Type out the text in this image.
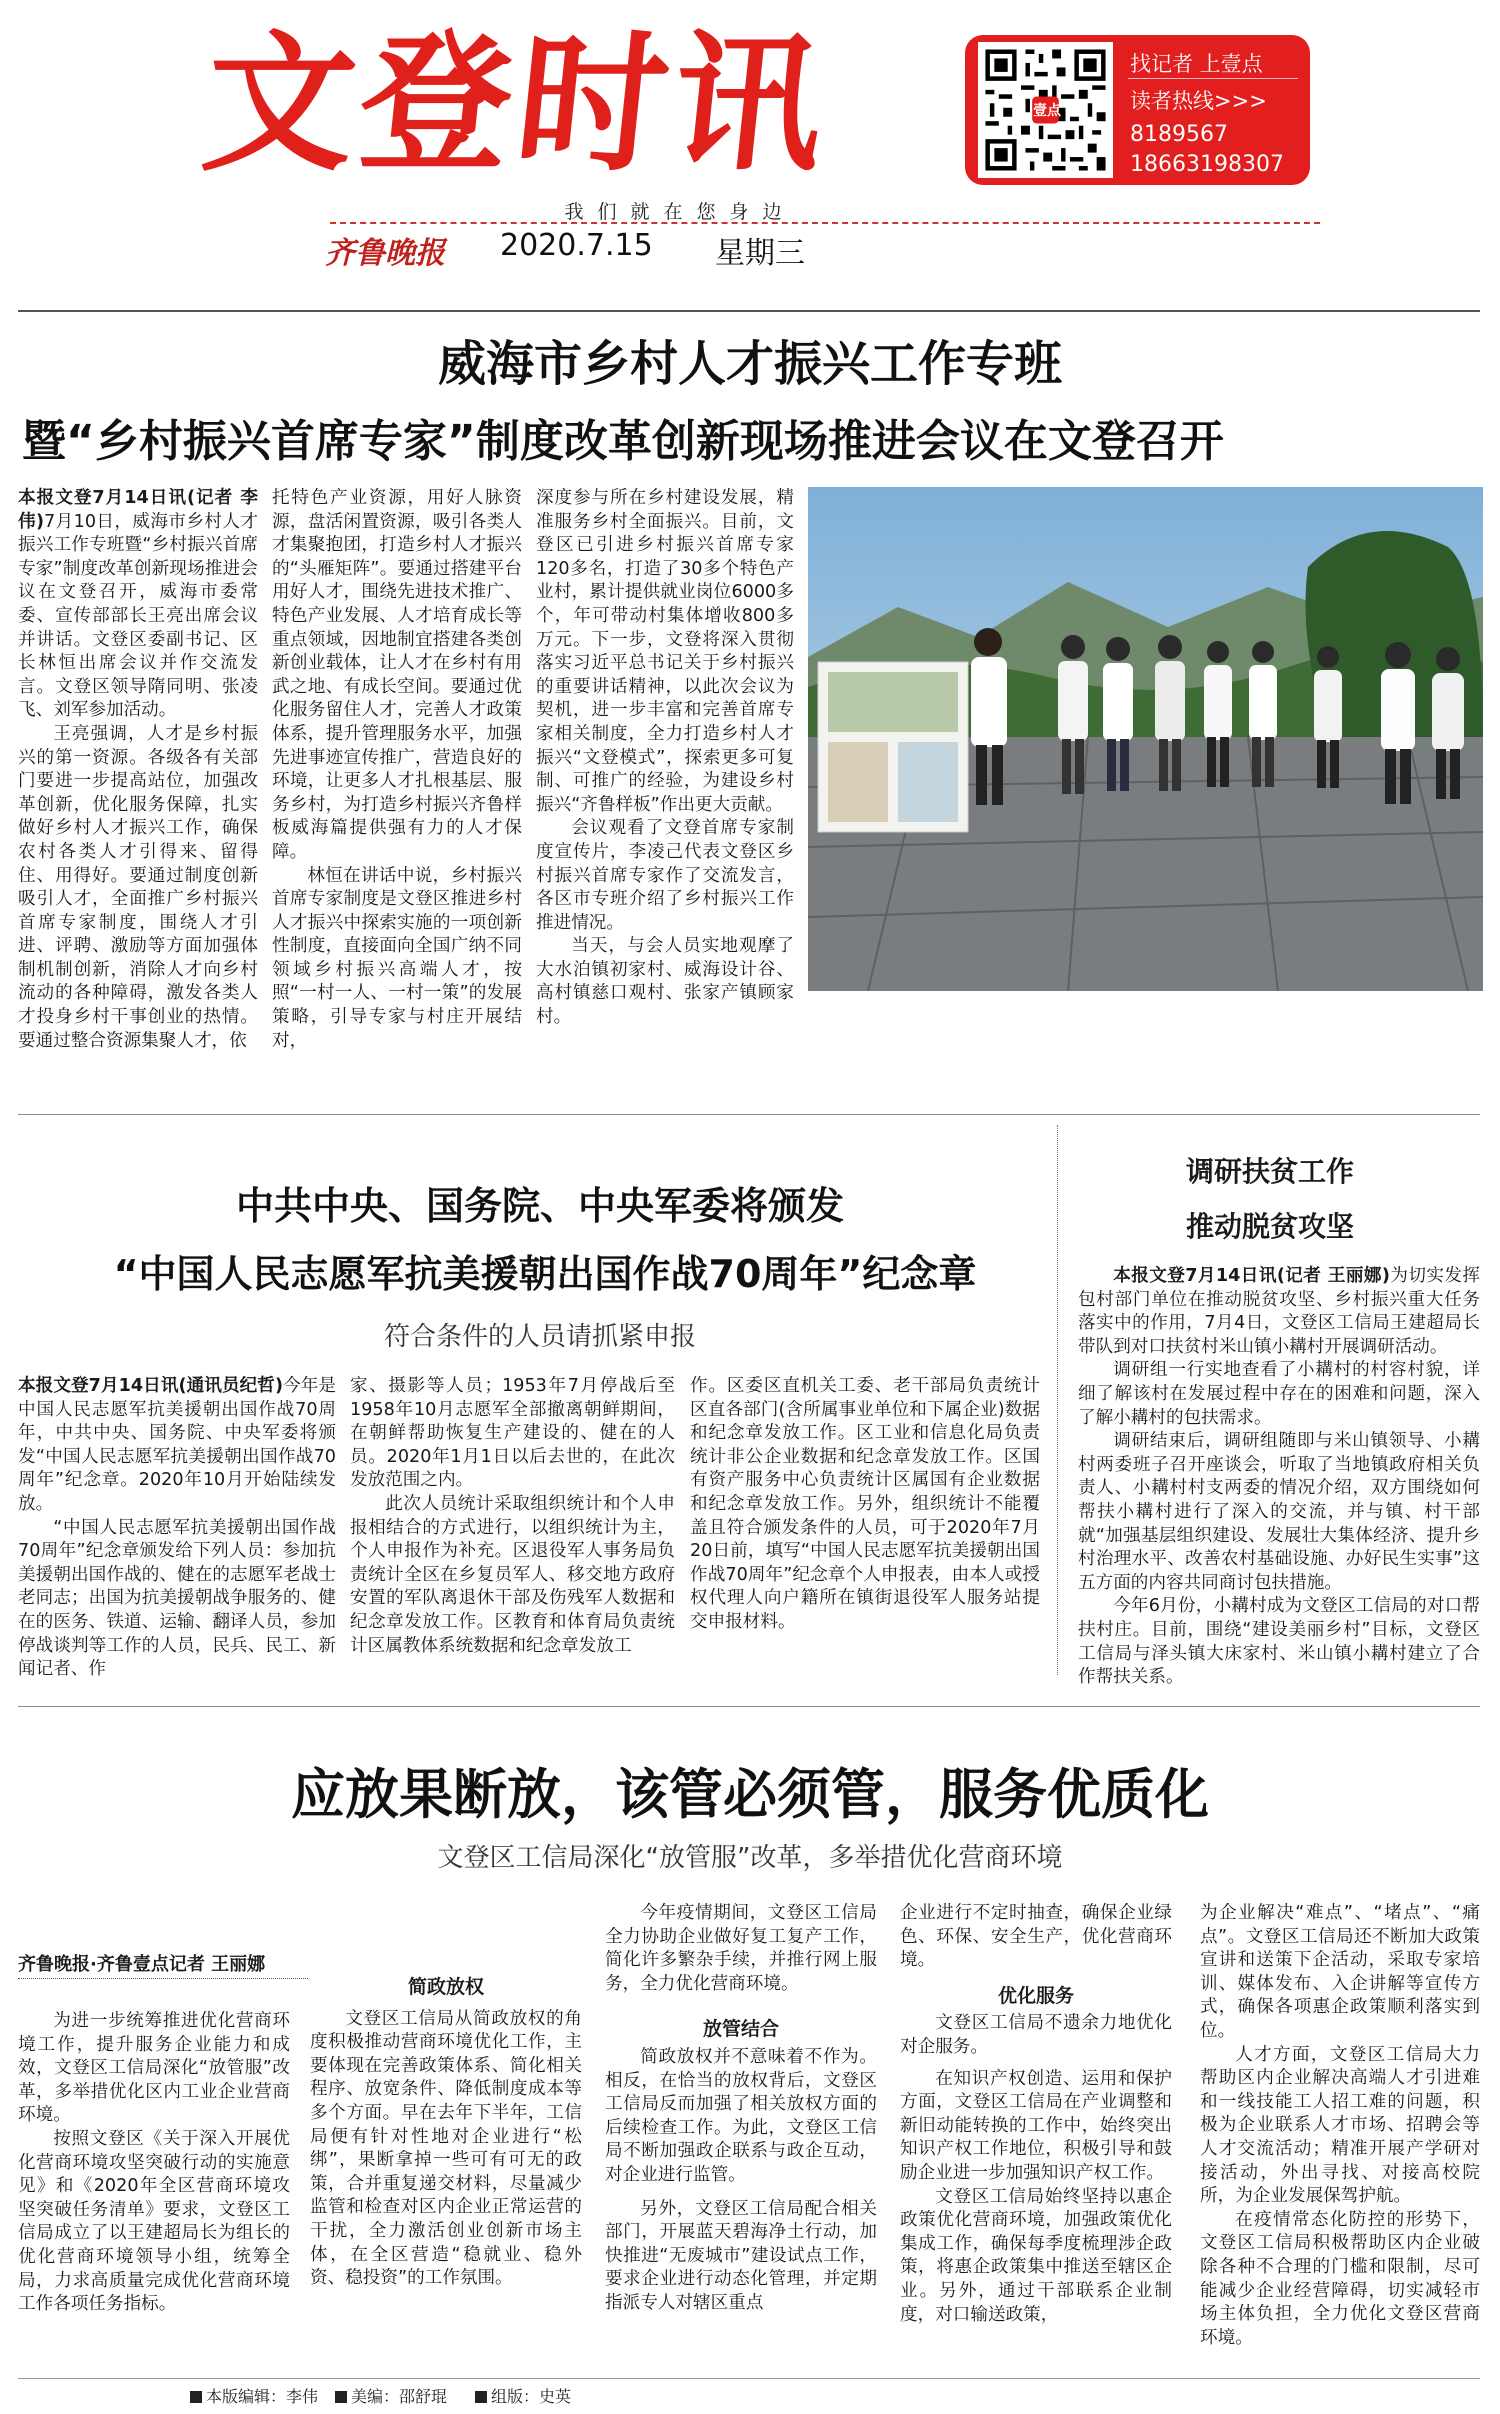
文登时讯	壹点
找记者 上壹点
读者热线>>>
8189567
18663198307
我们就在您身边
齐鲁晚报 2020.7.15 星期三
威海市乡村人才振兴工作专班
暨“乡村振兴首席专家”制度改革创新现场推进会议在文登召开

本报文登7月14日讯(记者 李伟)7月10日，威海市乡村人才振兴工作专班暨“乡村振兴首席专家”制度改革创新现场推进会议在文登召开，威海市委常委、宣传部部长王亮出席会议并讲话。文登区委副书记、区长林恒出席会议并作交流发言。文登区领导隋同明、张凌飞、刘军参加活动。

王亮强调，人才是乡村振兴的第一资源。各级各有关部门要进一步提高站位，加强改革创新，优化服务保障，扎实做好乡村人才振兴工作，确保农村各类人才引得来、留得住、用得好。要通过制度创新吸引人才，全面推广乡村振兴首席专家制度，围绕人才引进、评聘、激励等方面加强体制机制创新，消除人才向乡村流动的各种障碍，激发各类人才投身乡村干事创业的热情。要通过整合资源集聚人才，依

托特色产业资源，用好人脉资源，盘活闲置资源，吸引各类人才集聚抱团，打造乡村人才振兴的“头雁矩阵”。要通过搭建平台用好人才，围绕先进技术推广、特色产业发展、人才培育成长等重点领域，因地制宜搭建各类创新创业载体，让人才在乡村有用武之地、有成长空间。要通过优化服务留住人才，完善人才政策体系，提升管理服务水平，加强先进事迹宣传推广，营造良好的环境，让更多人才扎根基层、服务乡村，为打造乡村振兴齐鲁样板威海篇提供强有力的人才保障。

林恒在讲话中说，乡村振兴首席专家制度是文登区推进乡村人才振兴中探索实施的一项创新性制度，直接面向全国广纳不同领域乡村振兴高端人才，按照“一村一人、一村一策”的发展策略，引导专家与村庄开展结对，

深度参与所在乡村建设发展，精准服务乡村全面振兴。目前，文登区已引进乡村振兴首席专家120多名，打造了30多个特色产业村，累计提供就业岗位6000多个，年可带动村集体增收800多万元。下一步，文登将深入贯彻落实习近平总书记关于乡村振兴的重要讲话精神，以此次会议为契机，进一步丰富和完善首席专家相关制度，全力打造乡村人才振兴“文登模式”，探索更多可复制、可推广的经验，为建设乡村振兴“齐鲁样板”作出更大贡献。

会议观看了文登首席专家制度宣传片，李凌己代表文登区乡村振兴首席专家作了交流发言，各区市专班介绍了乡村振兴工作推进情况。

当天，与会人员实地观摩了大水泊镇初家村、威海设计谷、高村镇慈口观村、张家产镇顾家村。

中共中央、国务院、中央军委将颁发
“中国人民志愿军抗美援朝出国作战70周年”纪念章
符合条件的人员请抓紧申报

本报文登7月14日讯(通讯员纪哲)今年是中国人民志愿军抗美援朝出国作战70周年，中共中央、国务院、中央军委将颁发“中国人民志愿军抗美援朝出国作战70周年”纪念章。2020年10月开始陆续发放。

“中国人民志愿军抗美援朝出国作战70周年”纪念章颁发给下列人员：参加抗美援朝出国作战的、健在的志愿军老战士老同志；出国为抗美援朝战争服务的、健在的医务、铁道、运输、翻译人员，参加停战谈判等工作的人员，民兵、民工、新闻记者、作

家、摄影等人员；1953年7月停战后至1958年10月志愿军全部撤离朝鲜期间，在朝鲜帮助恢复生产建设的、健在的人员。2020年1月1日以后去世的，在此次发放范围之内。

此次人员统计采取组织统计和个人申报相结合的方式进行，以组织统计为主，个人申报作为补充。区退役军人事务局负责统计全区在乡复员军人、移交地方政府安置的军队离退休干部及伤残军人数据和纪念章发放工作。区教育和体育局负责统计区属教体系统数据和纪念章发放工

作。区委区直机关工委、老干部局负责统计区直各部门(含所属事业单位和下属企业)数据和纪念章发放工作。区工业和信息化局负责统计非公企业数据和纪念章发放工作。区国有资产服务中心负责统计区属国有企业数据和纪念章发放工作。另外，组织统计不能覆盖且符合颁发条件的人员，可于2020年7月20日前，填写“中国人民志愿军抗美援朝出国作战70周年”纪念章个人申报表，由本人或授权代理人向户籍所在镇街退役军人服务站提交申报材料。

调研扶贫工作
推动脱贫攻坚

本报文登7月14日讯(记者 王丽娜)为切实发挥包村部门单位在推动脱贫攻坚、乡村振兴重大任务落实中的作用，7月4日，文登区工信局王建超局长带队到对口扶贫村米山镇小耩村开展调研活动。

调研组一行实地查看了小耩村的村容村貌，详细了解该村在发展过程中存在的困难和问题，深入了解小耩村的包扶需求。

调研结束后，调研组随即与米山镇领导、小耩村两委班子召开座谈会，听取了当地镇政府相关负责人、小耩村村支两委的情况介绍，双方围绕如何帮扶小耩村进行了深入的交流，并与镇、村干部就“加强基层组织建设、发展壮大集体经济、提升乡村治理水平、改善农村基础设施、办好民生实事”这五方面的内容共同商讨包扶措施。

今年6月份，小耩村成为文登区工信局的对口帮扶村庄。目前，围绕“建设美丽乡村”目标，文登区工信局与泽头镇大床家村、米山镇小耩村建立了合作帮扶关系。

应放果断放，该管必须管，服务优质化
文登区工信局深化“放管服”改革，多举措优化营商环境
齐鲁晚报·齐鲁壹点记者 王丽娜

为进一步统筹推进优化营商环境工作，提升服务企业能力和成效，文登区工信局深化“放管服”改革，多举措优化区内工业企业营商环境。

按照文登区《关于深入开展优化营商环境攻坚突破行动的实施意见》和《2020年全区营商环境攻坚突破任务清单》要求，文登区工信局成立了以王建超局长为组长的优化营商环境领导小组，统筹全局，力求高质量完成优化营商环境工作各项任务指标。

简政放权

文登区工信局从简政放权的角度积极推动营商环境优化工作，主要体现在完善政策体系、简化相关程序、放宽条件、降低制度成本等多个方面。早在去年下半年，工信局便有针对性地对企业进行“松绑”，果断拿掉一些可有可无的政策，合并重复递交材料，尽量减少监管和检查对区内企业正常运营的干扰，全力激活创业创新市场主体，在全区营造“稳就业、稳外资、稳投资”的工作氛围。

今年疫情期间，文登区工信局全力协助企业做好复工复产工作，简化许多繁杂手续，并推行网上服务，全力优化营商环境。

放管结合

简政放权并不意味着不作为。相反，在恰当的放权背后，文登区工信局反而加强了相关放权方面的后续检查工作。为此，文登区工信局不断加强政企联系与政企互动，对企业进行监管。

另外，文登区工信局配合相关部门，开展蓝天碧海净土行动，加快推进“无废城市”建设试点工作，要求企业进行动态化管理，并定期指派专人对辖区重点

企业进行不定时抽查，确保企业绿色、环保、安全生产，优化营商环境。

优化服务

文登区工信局不遗余力地优化对企服务。

在知识产权创造、运用和保护方面，文登区工信局在产业调整和新旧动能转换的工作中，始终突出知识产权工作地位，积极引导和鼓励企业进一步加强知识产权工作。

文登区工信局始终坚持以惠企政策优化营商环境，加强政策优化集成工作，确保每季度梳理涉企政策，将惠企政策集中推送至辖区企业。另外，通过干部联系企业制度，对口输送政策，

为企业解决“难点”、“堵点”、“痛点”。文登区工信局还不断加大政策宣讲和送策下企活动，采取专家培训、媒体发布、入企讲解等宣传方式，确保各项惠企政策顺利落实到位。

人才方面，文登区工信局大力帮助区内企业解决高端人才引进难和一线技能工人招工难的问题，积极为企业联系人才市场、招聘会等人才交流活动；精准开展产学研对接活动，外出寻找、对接高校院所，为企业发展保驾护航。

在疫情常态化防控的形势下，文登区工信局积极帮助区内企业破除各种不合理的门槛和限制，尽可能减少企业经营障碍，切实减轻市场主体负担，全力优化文登区营商环境。

本版编辑：李伟	美编：邵舒琨	组版：史英
